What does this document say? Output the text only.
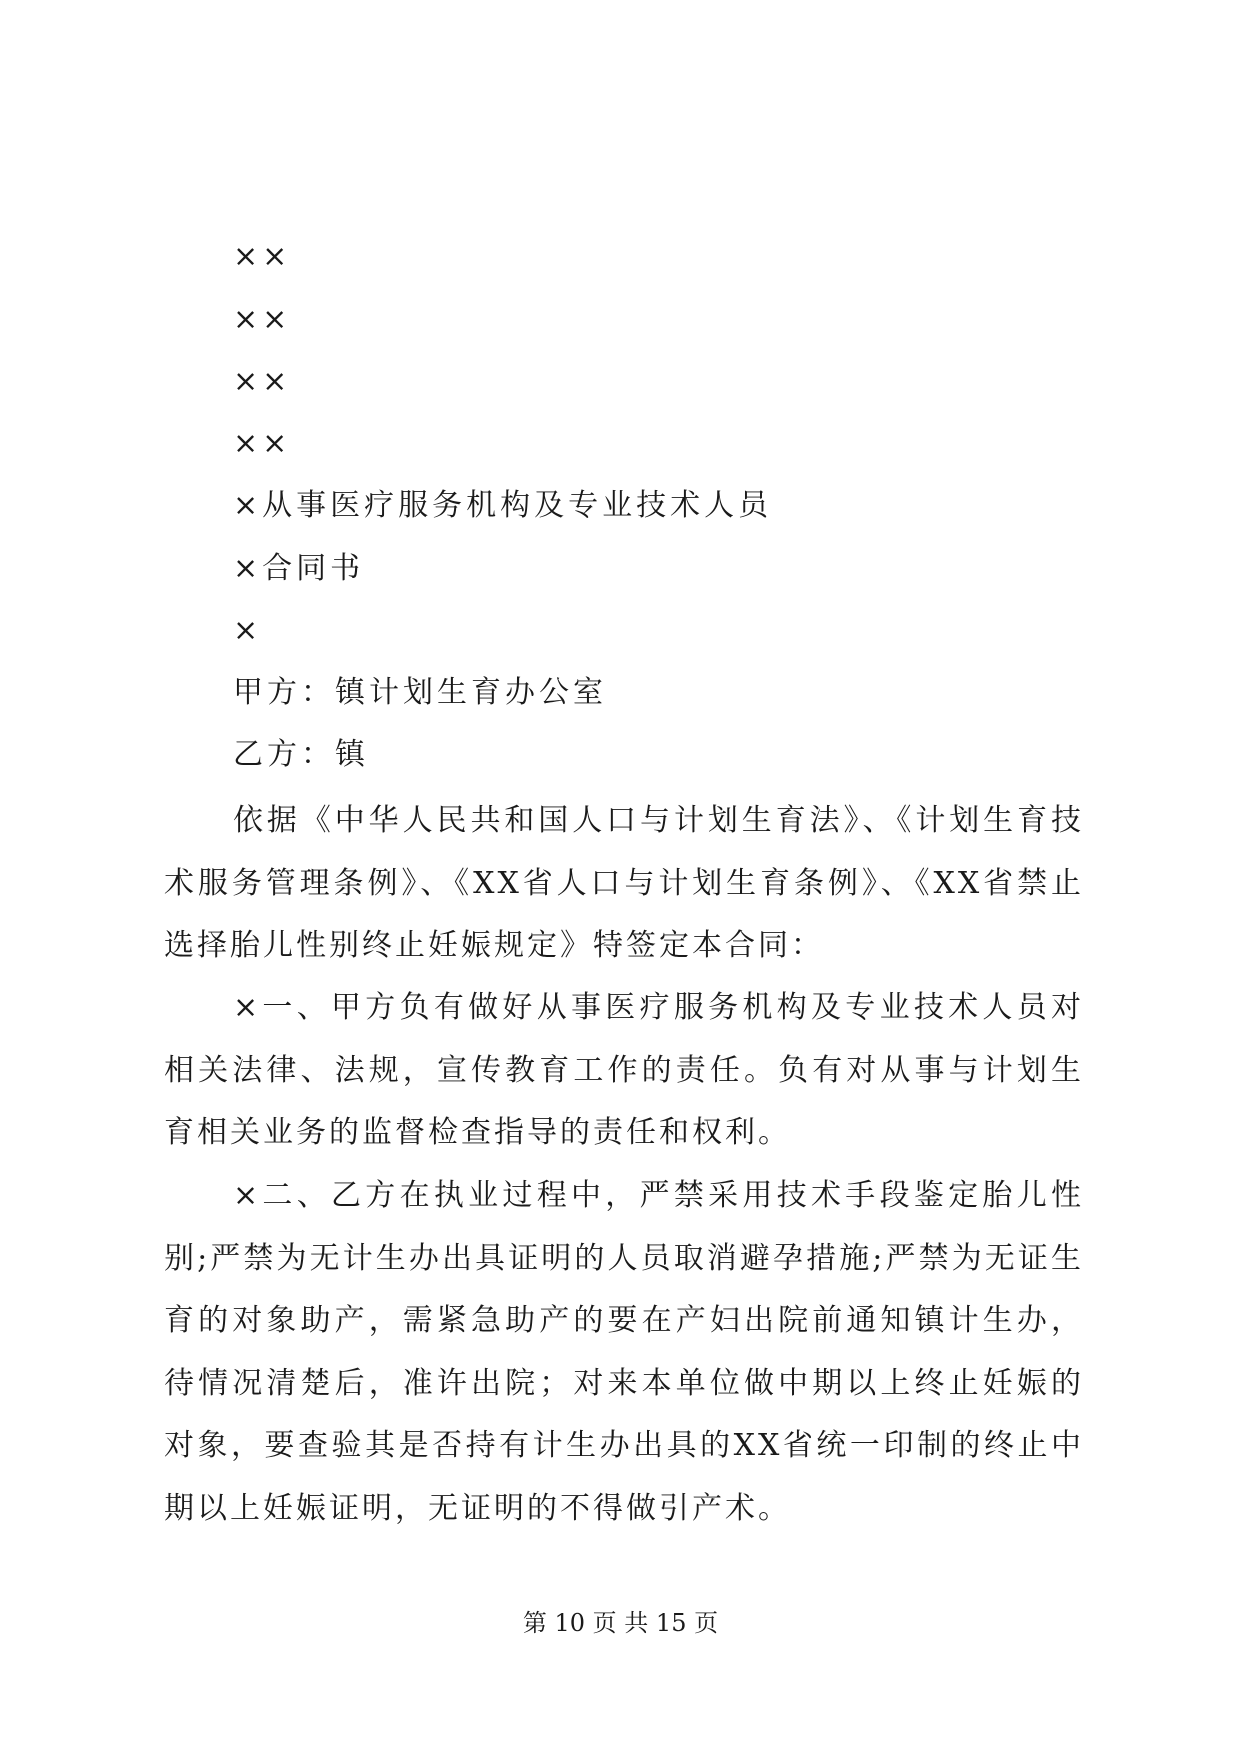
××
××
××
××
×从事医疗服务机构及专业技术人员
×合同书
×
甲方：镇计划生育办公室
乙方：镇

依据《中华人民共和国人口与计划生育法》、《计划生育技术服务管理条例》、《XX省人口与计划生育条例》、《XX省禁止选择胎儿性别终止妊娠规定》特签定本合同：

×一、甲方负有做好从事医疗服务机构及专业技术人员对相关法律、法规，宣传教育工作的责任。负有对从事与计划生育相关业务的监督检查指导的责任和权利。

×二、乙方在执业过程中，严禁采用技术手段鉴定胎儿性别;严禁为无计生办出具证明的人员取消避孕措施;严禁为无证生育的对象助产，需紧急助产的要在产妇出院前通知镇计生办，待情况清楚后，准许出院；对来本单位做中期以上终止妊娠的对象，要查验其是否持有计生办出具的XX省统一印制的终止中期以上妊娠证明，无证明的不得做引产术。

第 10 页 共 15 页
